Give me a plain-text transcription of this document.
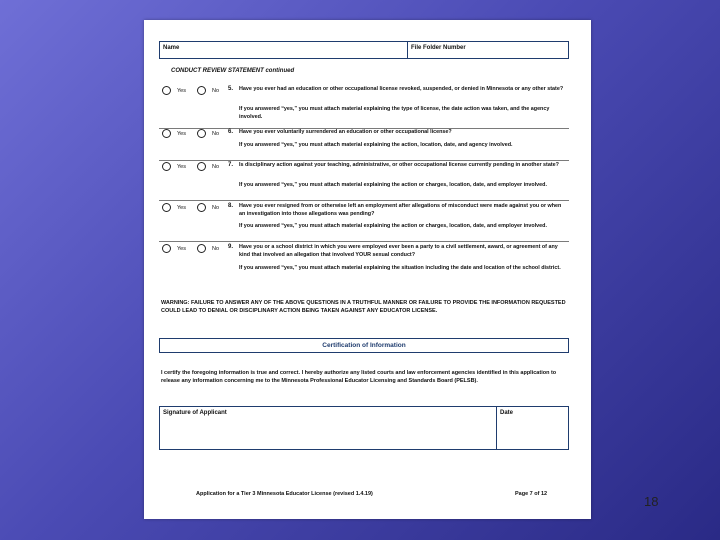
Name	File Folder Number
CONDUCT REVIEW STATEMENT continued
Yes	No 5. Have you ever had an education or other occupational license revoked, suspended, or denied in Minnesota or any other state?
If you answered “yes,” you must attach material explaining the type of license, the date action was taken, and the agency involved.
Yes	No 6. Have you ever voluntarily surrendered an education or other occupational license?
If you answered “yes,” you must attach material explaining the action, location, date, and agency involved.
Yes	No 7. Is disciplinary action against your teaching, administrative, or other occupational license currently pending in another state?
If you answered “yes,” you must attach material explaining the action or charges, location, date, and employer involved.
Yes	No 8. Have you ever resigned from or otherwise left an employment after allegations of misconduct were made against you or when an investigation into those allegations was pending?
If you answered “yes,” you must attach material explaining the action or charges, location, date, and employer involved.
Yes	No 9. Have you or a school district in which you were employed ever been a party to a civil settlement, award, or agreement of any kind that involved an allegation that involved YOUR sexual conduct?
If you answered “yes,” you must attach material explaining the situation including the date and location of the school district.
WARNING: FAILURE TO ANSWER ANY OF THE ABOVE QUESTIONS IN A TRUTHFUL MANNER OR FAILURE TO PROVIDE THE INFORMATION REQUESTED COULD LEAD TO DENIAL OR DISCIPLINARY ACTION BEING TAKEN AGAINST ANY EDUCATOR LICENSE.
Certification of Information
I certify the foregoing information is true and correct. I hereby authorize any listed courts and law enforcement agencies identified in this application to release any information concerning me to the Minnesota Professional Educator Licensing and Standards Board (PELSB).
Signature of Applicant	Date
Application for a Tier 3 Minnesota Educator License (revised 1.4.19)	Page 7 of 12	18
